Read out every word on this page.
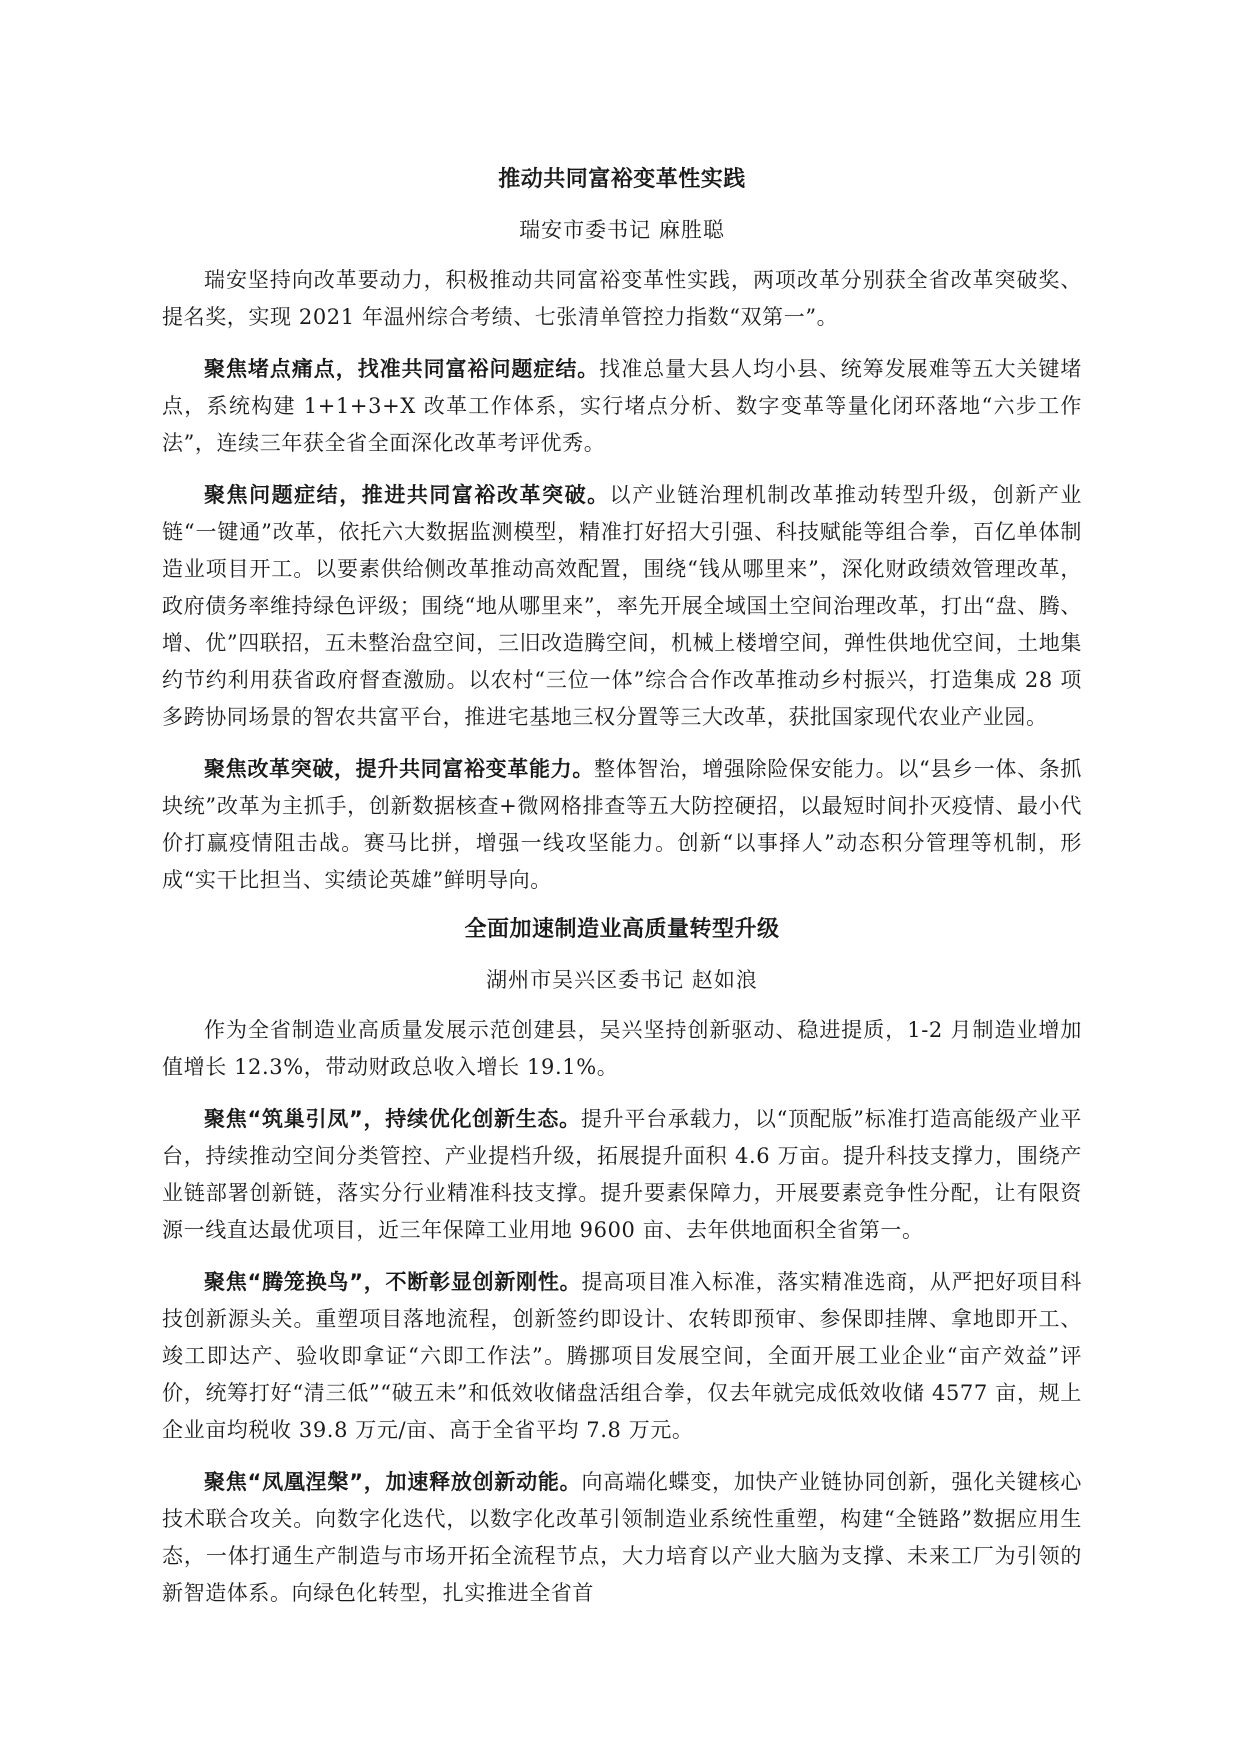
推动共同富裕变革性实践

瑞安市委书记 麻胜聪

瑞安坚持向改革要动力，积极推动共同富裕变革性实践，两项改革分别获全省改革突破奖、提名奖，实现 2021 年温州综合考绩、七张清单管控力指数“双第一”。

聚焦堵点痛点，找准共同富裕问题症结。找准总量大县人均小县、统筹发展难等五大关键堵点，系统构建 1+1+3+X 改革工作体系，实行堵点分析、数字变革等量化闭环落地“六步工作法”，连续三年获全省全面深化改革考评优秀。

聚焦问题症结，推进共同富裕改革突破。以产业链治理机制改革推动转型升级，创新产业链“一键通”改革，依托六大数据监测模型，精准打好招大引强、科技赋能等组合拳，百亿单体制造业项目开工。以要素供给侧改革推动高效配置，围绕“钱从哪里来”，深化财政绩效管理改革，政府债务率维持绿色评级；围绕“地从哪里来”，率先开展全域国土空间治理改革，打出“盘、腾、增、优”四联招，五未整治盘空间，三旧改造腾空间，机械上楼增空间，弹性供地优空间，土地集约节约利用获省政府督查激励。以农村“三位一体”综合合作改革推动乡村振兴，打造集成 28 项多跨协同场景的智农共富平台，推进宅基地三权分置等三大改革，获批国家现代农业产业园。

聚焦改革突破，提升共同富裕变革能力。整体智治，增强除险保安能力。以“县乡一体、条抓块统”改革为主抓手，创新数据核查+微网格排查等五大防控硬招，以最短时间扑灭疫情、最小代价打赢疫情阻击战。赛马比拼，增强一线攻坚能力。创新“以事择人”动态积分管理等机制，形成“实干比担当、实绩论英雄”鲜明导向。

全面加速制造业高质量转型升级

湖州市吴兴区委书记 赵如浪

作为全省制造业高质量发展示范创建县，吴兴坚持创新驱动、稳进提质，1-2 月制造业增加值增长 12.3%，带动财政总收入增长 19.1%。

聚焦“筑巢引凤”，持续优化创新生态。提升平台承载力，以“顶配版”标准打造高能级产业平台，持续推动空间分类管控、产业提档升级，拓展提升面积 4.6 万亩。提升科技支撑力，围绕产业链部署创新链，落实分行业精准科技支撑。提升要素保障力，开展要素竞争性分配，让有限资源一线直达最优项目，近三年保障工业用地 9600 亩、去年供地面积全省第一。

聚焦“腾笼换鸟”，不断彰显创新刚性。提高项目准入标准，落实精准选商，从严把好项目科技创新源头关。重塑项目落地流程，创新签约即设计、农转即预审、参保即挂牌、拿地即开工、竣工即达产、验收即拿证“六即工作法”。腾挪项目发展空间，全面开展工业企业“亩产效益”评价，统筹打好“清三低”“破五未”和低效收储盘活组合拳，仅去年就完成低效收储 4577 亩，规上企业亩均税收 39.8 万元/亩、高于全省平均 7.8 万元。

聚焦“凤凰涅槃”，加速释放创新动能。向高端化蝶变，加快产业链协同创新，强化关键核心技术联合攻关。向数字化迭代，以数字化改革引领制造业系统性重塑，构建“全链路”数据应用生态，一体打通生产制造与市场开拓全流程节点，大力培育以产业大脑为支撑、未来工厂为引领的新智造体系。向绿色化转型，扎实推进全省首
